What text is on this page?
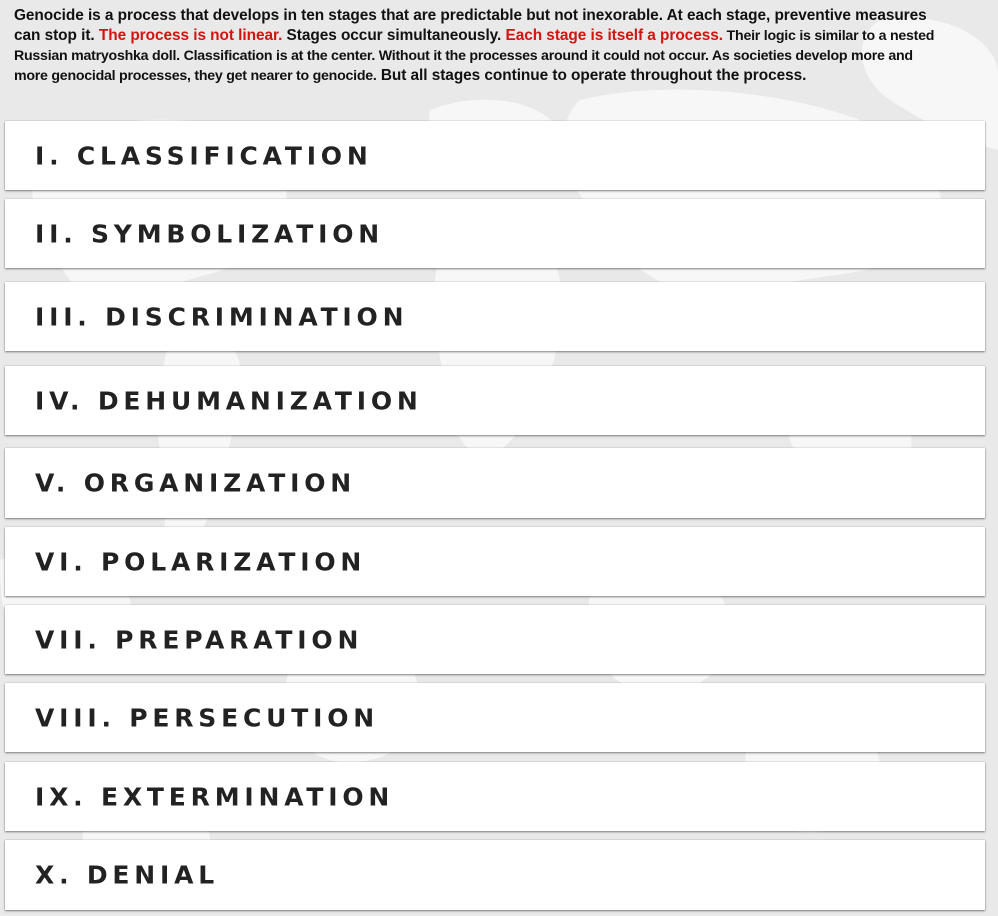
Genocide is a process that develops in ten stages that are predictable but not inexorable. At each stage, preventive measures can stop it. The process is not linear. Stages occur simultaneously. Each stage is itself a process. Their logic is similar to a nested Russian matryoshka doll. Classification is at the center. Without it the processes around it could not occur. As societies develop more and more genocidal processes, they get nearer to genocide. But all stages continue to operate throughout the process.

I. CLASSIFICATION
II. SYMBOLIZATION
III. DISCRIMINATION
IV. DEHUMANIZATION
V. ORGANIZATION
VI. POLARIZATION
VII. PREPARATION
VIII. PERSECUTION
IX. EXTERMINATION
X. DENIAL
